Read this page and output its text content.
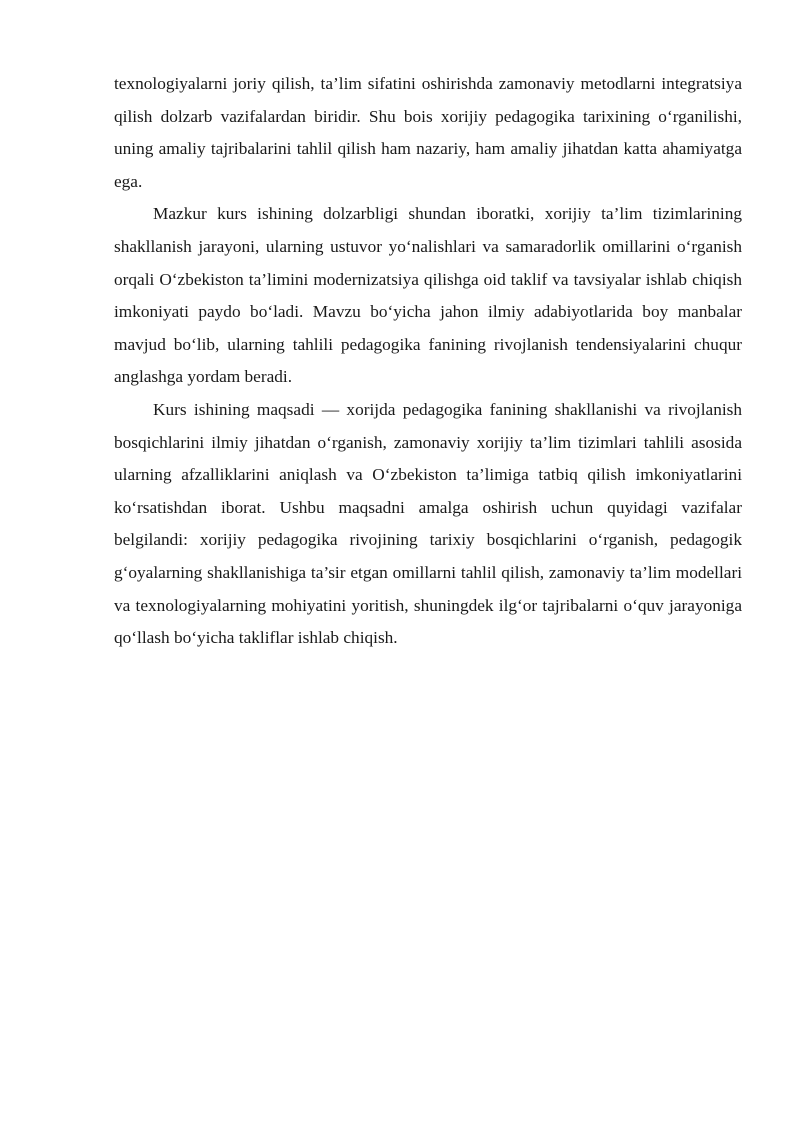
texnologiyalarni joriy qilish, ta’lim sifatini oshirishda zamonaviy metodlarni integratsiya qilish dolzarb vazifalardan biridir. Shu bois xorijiy pedagogika tarixining o‘rganilishi, uning amaliy tajribalarini tahlil qilish ham nazariy, ham amaliy jihatdan katta ahamiyatga ega.

Mazkur kurs ishining dolzarbligi shundan iboratki, xorijiy ta’lim tizimlarining shakllanish jarayoni, ularning ustuvor yo‘nalishlari va samaradorlik omillarini o‘rganish orqali O‘zbekiston ta’limini modernizatsiya qilishga oid taklif va tavsiyalar ishlab chiqish imkoniyati paydo bo‘ladi. Mavzu bo‘yicha jahon ilmiy adabiyotlarida boy manbalar mavjud bo‘lib, ularning tahlili pedagogika fanining rivojlanish tendensiyalarini chuqur anglashga yordam beradi.

Kurs ishining maqsadi — xorijda pedagogika fanining shakllanishi va rivojlanish bosqichlarini ilmiy jihatdan o‘rganish, zamonaviy xorijiy ta’lim tizimlari tahlili asosida ularning afzalliklarini aniqlash va O‘zbekiston ta’limiga tatbiq qilish imkoniyatlarini ko‘rsatishdan iborat. Ushbu maqsadni amalga oshirish uchun quyidagi vazifalar belgilandi: xorijiy pedagogika rivojining tarixiy bosqichlarini o‘rganish, pedagogik g‘oyalarning shakllanishiga ta’sir etgan omillarni tahlil qilish, zamonaviy ta’lim modellari va texnologiyalarning mohiyatini yoritish, shuningdek ilg‘or tajribalarni o‘quv jarayoniga qo‘llash bo‘yicha takliflar ishlab chiqish.
